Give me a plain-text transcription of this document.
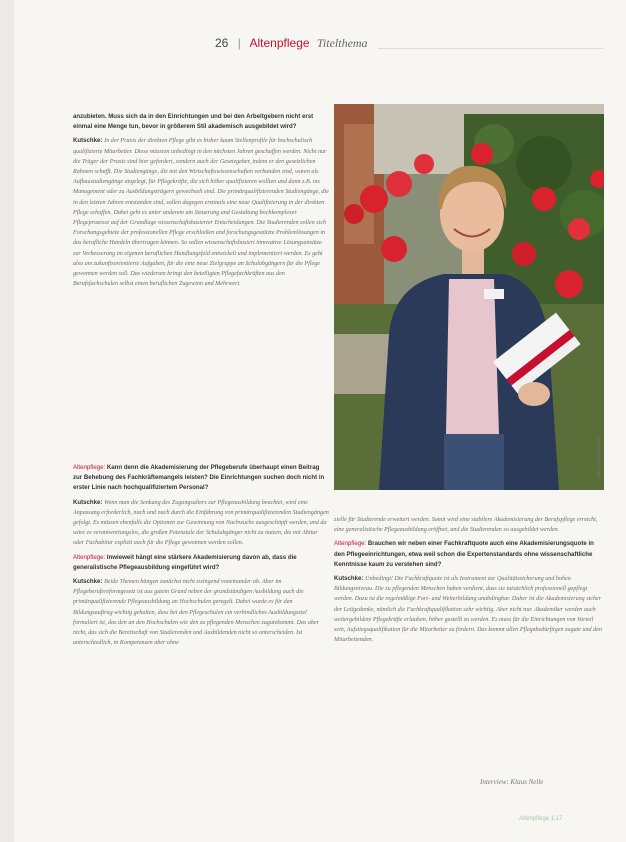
26 | Altenpflege Titelthema

anzubieten. Muss sich da in den Einrichtungen und bei den Arbeitgebern nicht erst einmal eine Menge tun, bevor in größerem Stil akademisch ausgebildet wird?

Kutschke: In der Praxis der direkten Pflege gibt es bisher kaum Stellenprofile für hochschulisch qualifizierte Mitarbeiter. Diese müssten unbedingt in den nächsten Jahren geschaffen werden. Nicht nur die Träger der Praxis sind hier gefordert, sondern auch der Gesetzgeber, indem er den gesetzlichen Rahmen schafft. Die Studiengänge, die mit den Wirtschaftswissenschaften verbunden sind, waren als Aufbaustudiengänge angelegt, für Pflegekräfte, die sich höher qualifizieren wollten und dann z.B. ins Management oder zu Ausbildungsträgern gewechselt sind. Die primärqualifizierenden Studiengänge, die in den letzten Jahren entstanden sind, sollen dagegen erstmals eine neue Qualifizierung in der direkten Pflege schaffen. Dabei geht es unter anderem um Steuerung und Gestaltung hochkomplexer Pflegeprozesse auf der Grundlage wissenschaftsbasierter Entscheidungen. Die Studierenden sollen sich Forschungsgebiete der professionellen Pflege erschließen und forschungsgestützte Problemlösungen in das berufliche Handeln übertragen können. So sollen wissenschaftsbasiert innovative Lösungsansätze zur Verbesserung im eigenen beruflichen Handlungsfeld entwickelt und implementiert werden. Es geht also um zukunftsorientierte Aufgaben, für die eine neue Zielgruppe an Schulabgängern für die Pflege gewonnen werden soll. Das wiederum bringt den beteiligten Pflegefachkräften aus den Berufsfachschulen selbst einen beruflichen Zugewinn und Mehrwert.

Altenpflege: Kann denn die Akademisierung der Pflegeberufe überhaupt einen Beitrag zur Behebung des Fachkräftemangels leisten? Die Einrichtungen suchen doch nicht in erster Linie nach hochqualifiziertem Personal?

Kutschke: Wenn man die Senkung des Zugangsalters zur Pflegeausbildung beachtet, wird eine Anpassung erforderlich, nach und nach durch die Einführung von primärqualifizierenden Studiengängen gefolgt. Es müssen ebenfalls die Optionen zur Gewinnung von Nachwuchs ausgeschöpft werden, und da wäre es verantwortungslos, die großen Potenziale der Schulabgänger nicht zu nutzen, die mit Abitur oder Fachabitur explizit auch für die Pflege gewonnen werden sollen.

Altenpflege: Inwieweit hängt eine stärkere Akademisierung davon ab, dass die generalistische Pflegeausbildung eingeführt wird?

Kutschke: Beide Themen hängen zunächst nicht zwingend voneinander ab. Aber im Pflegeberufereformgesetz ist aus gutem Grund neben der grundständigen Ausbildung auch die primärqualifizierende Pflegeausbildung an Hochschulen geregelt. Dabei wurde es für den Bildungsauftrag wichtig gehalten, dass bei den Pflegeschulen ein verbindliches Ausbildungsziel formuliert ist, das den an den Hochschulen wie den zu pflegenden Menschen zugutekommt. Das aber nicht, das sich die Bereitschaft von Studierenden und Ausbildenden nicht so unterscheiden. Ist unterschiedlich, in Kompetenzen aber ohne

Foto: Thomas Franz

zielle für Studierende erweitert werden. Somit wird eine stabilere Akademisierung der Berufspflege erreicht, eine generalistische Pflegeausbildung eröffnet, und die Studierenden so ausgebildet werden.

Altenpflege: Brauchen wir neben einer Fachkraftquote auch eine Akademisierungsquote in den Pflegeeinrichtungen, etwa weil schon die Expertenstandards ohne wissenschaftliche Kenntnisse kaum zu verstehen sind?

Kutschke: Unbedingt! Die Fachkraftquote ist als Instrument zur Qualitätssicherung und hohen Bildungsniveau. Die zu pflegenden Menschen haben verdient, dass sie tatsächlich professionell gepflegt werden. Dazu ist die regelmäßige Fort- und Weiterbildung unabdingbar. Daher ist die Akademisierung sicher der Leitgedanke, nämlich die Fachkraftqualifikation sehr wichtig. Aber nicht nur. Akademiker werden auch weitergebildete Pflegekräfte erlauben, höher gestellt zu werden. Es muss für die Einrichtungen von Vorteil sein, Aufstiegsqualifikation für die Mitarbeiter zu fördern. Das kommt allen Pflegebedürftigen zugute und den Mitarbeitenden.

Interview: Klaus Nelle
Altenpflege 1.17
